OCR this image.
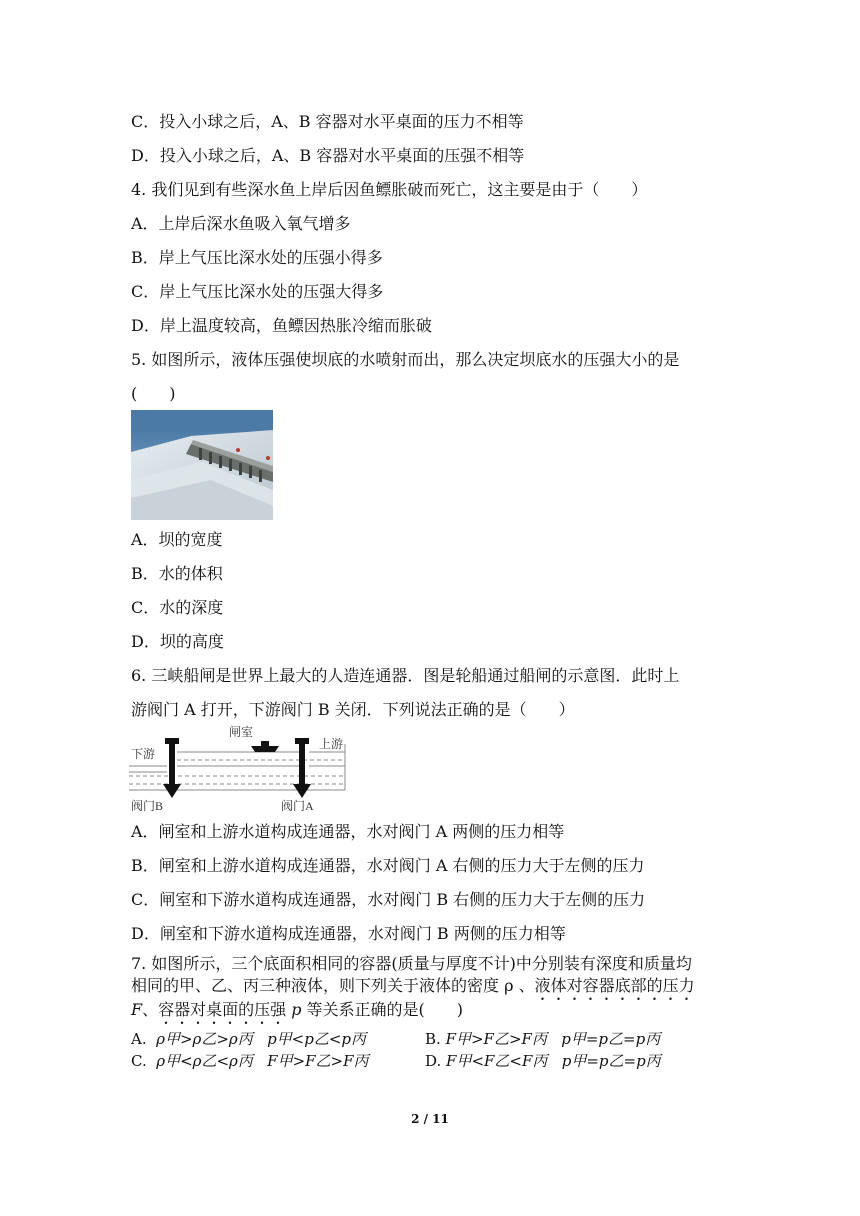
C．投入小球之后，A、B 容器对水平桌面的压力不相等
D．投入小球之后，A、B 容器对水平桌面的压强不相等
4. 我们见到有些深水鱼上岸后因鱼鳔胀破而死亡，这主要是由于（　　）
A．上岸后深水鱼吸入氧气增多
B．岸上气压比深水处的压强小得多
C．岸上气压比深水处的压强大得多
D．岸上温度较高，鱼鳔因热胀冷缩而胀破
5. 如图所示，液体压强使坝底的水喷射而出，那么决定坝底水的压强大小的是
(　　)
A．坝的宽度
B．水的体积
C．水的深度
D．坝的高度
6. 三峡船闸是世界上最大的人造连通器．图是轮船通过船闸的示意图．此时上
游阀门 A 打开，下游阀门 B 关闭．下列说法正确的是（　　）
闸室
下游
上游
阀门B	阀门A
A．闸室和上游水道构成连通器，水对阀门 A 两侧的压力相等
B．闸室和上游水道构成连通器，水对阀门 A 右侧的压力大于左侧的压力
C．闸室和下游水道构成连通器，水对阀门 B 右侧的压力大于左侧的压力
D．闸室和下游水道构成连通器，水对阀门 B 两侧的压力相等
7. 如图所示，三个底面积相同的容器(质量与厚度不计)中分别装有深度和质量均
相同的甲、乙、丙三种液体，则下列关于液体的密度 ρ 、液体对容器底部的压力
F、容器对桌面的压强 p 等关系正确的是(　　)
A. ρ甲>ρ乙>ρ丙 p甲<p乙<p丙	B. F甲>F乙>F丙 p甲=p乙=p丙
C. ρ甲<ρ乙<ρ丙 F甲>F乙>F丙	D. F甲<F乙<F丙 p甲=p乙=p丙
2 / 11
